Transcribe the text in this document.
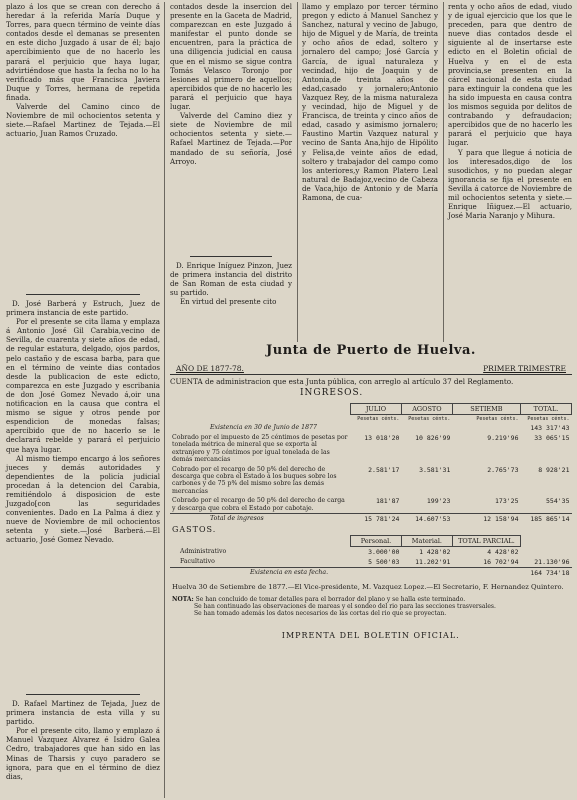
plazo á los que se crean con derecho á heredar á la referida María Duque y Torres, para quecn término de veinte días contados desde el demanas se presenten en este dicho Juzgado á usar de él; bajo apercibimiento que de no hacerlo les parará el perjuicio que haya lugar, advirtiéndose que hasta la fecha no lo ha verificado más que Francisca Javiera Duque y Torres, hermana de repetida finada.

Valverde del Camino cinco de Noviembre de mil ochocientos setenta y siete.—Rafael Martinez de Tejada.—El actuario, Juan Ramos Cruzado.

D. José Barberá y Estruch, Juez de primera instancia de este partido.

Por el presente se cita llama y emplaza á Antonio José Gil Carabia,vecino de Sevilla, de cuarenta y siete años de edad, de regular estatura, delgado, ojos pardos, pelo castaño y de escasa barba, para que en el término de veinte dias contados desde la publicacion de este edicto, comparezca en este Juzgado y escribania de don José Gomez Nevado á,oir una notificacion en la causa que contra el mismo se sigue y otros pende por espendicion de monedas falsas; apercibido que de no hacerlo se le declarará rebelde y parará el perjuicio que haya lugar.

Al mismo tiempo encargo á los señores jueces y demás autoridades y dependientes de la policía judicial procedan á la detencion del Carabia, remitiéndolo á disposicion de este Juzgado[con las seguridades convenientes. Dado en La Palma á diez y nueve de Noviembre de mil ochocientos setenta y siete.—José Barberá.—El actuario, José Gomez Nevado.

D. Rafael Martinez de Tejada, Juez de primera instancia de esta villa y su partido.

Por el presente cito, llamo y emplazo á Manuel Vazquez Alvarez é Isidro Galea Cedro, trabajadores que han sido en las Minas de Tharsis y cuyo paradero se ignora, para que en el término de diez dias,

contados desde la insercion del presente en la Gaceta de Madrid, comparezcan en este Juzgado á manifestar el punto donde se encuentren, para la práctica de una diligencia judicial en causa que en el mismo se sigue contra Tomás Velasco Toronjo por lesiones al primero de aquellos; apercibidos que de no hacerlo les parará el perjuicio que haya lugar.

Valverde del Camino diez y siete de Noviembre de mil ochocientos setenta y siete.—Rafael Martinez de Tejada.—Por mandado de su señoría, José Arroyo.

D. Enrique Iníguez Pinzon, Juez de primera instancia del distrito de San Roman de esta ciudad y su partido.

En virtud del presente cito

llamo y emplazo por tercer término pregon y edicto á Manuel Sanchez y Sanchez, natural y vecino de Jabugo, hijo de Miguel y de María, de treinta y ocho años de edad, soltero y jornalero del campo; José García y García, de igual naturaleza y vecindad, hijo de Joaquin y de Antonia,de treinta años de edad,casado y jornalero;Antonio Vazquez Rey, de la misma naturaleza y vecindad, hijo de Miguel y de Francisca, de treinta y cinco años de edad, casado y asimismo jornalero; Faustino Martin Vazquez natural y vecino de Santa Ana,hijo de Hipólito y Felisa,de veinte años de edad, soltero y trabajador del campo como los anteriores,y Ramon Platero Leal natural de Badajoz,vecino de Cabeza de Vaca,hijo de Antonio y de María Ramona, de cua-

renta y ocho años de edad, viudo y de igual ejercicio que los que le preceden, para que dentro de nueve dias contados desde el siguiente al de insertarse este edicto en el Boletin oficial de Huelva y en el de esta provincia,se presenten en la cárcel nacional de esta ciudad para extinguir la condena que les ha sido impuesta en causa contra los mismos seguida por delitos de contrabando y defraudacion; apercibidos que de no hacerlo les parará el perjuicio que haya lugar.

Y para que llegue á noticia de los interesados,digo de los susodichos, y no puedan alegar ignorancia se fija el presente en Sevilla á catorce de Noviembre de mil ochocientos setenta y siete.—Enrique Iñiguez.—El actuario, José Maria Naranjo y Mihura.

Junta de Puerto de Huelva.
AÑO DE 1877-78.	PRIMER TRIMESTRE
CUENTA de administracion que esta Junta pública, con arreglo al artículo 37 del Reglamento.
INGRESOS.
	JULIO	AGOSTO	SETIEMB	TOTAL.
	Pesetas cénts.	Pesetas cénts.	Pesetas cénts.	Pesetas cénts.
Existencia en 30 de Junio de 1877				143 317'43
Cobrado por el impuesto de 25 céntimos de pesetas por tonelada métrica de mineral que se exporta al extranjero y 75 céntimos por igual tonelada de las demás mercancías	13 018'20	10 826'99	9.219'96	33 065'15
Cobrado por el recargo de 50 p% del derecho de descarga que cobra el Estado á los buques sobre los carbones y de 75 p% del mismo sobre las demás mercancías	2.581'17	3.581'31	2.765'73	8 928'21
Cobrado por el recargo de 50 p% del derecho de carga y descarga que cobra el Estado por cabotaje.	181'87	199'23	173'25	554'35
Total de ingresos	15 781'24	14.607'53	12 158'94	185 865'14
GASTOS.				
	Personal.	Material.	TOTAL PARCIAL.	
Administrativo	3.000'00	1 428'02	4 428'02	
Facultativo	5 500'03	11.202'91	16 702'94	21.130'96
Existencia en esta fecha.				164 734'18

Huelva 30 de Setiembre de 1877.—El Vice-presidente, M. Vazquez Lopez.—El Secretario, F. Hernandez Quintero.
NOTA: Se han concluido de tomar detalles para el borrador del plano y se halla este terminado.
Se han continuado las observaciones de mareas y el sondeo del rio para las secciones trasversales.
Se han tomado además los datos necesarios de las cortas del rio que se proyectan.
IMPRENTA DEL BOLETIN OFICIAL.				
